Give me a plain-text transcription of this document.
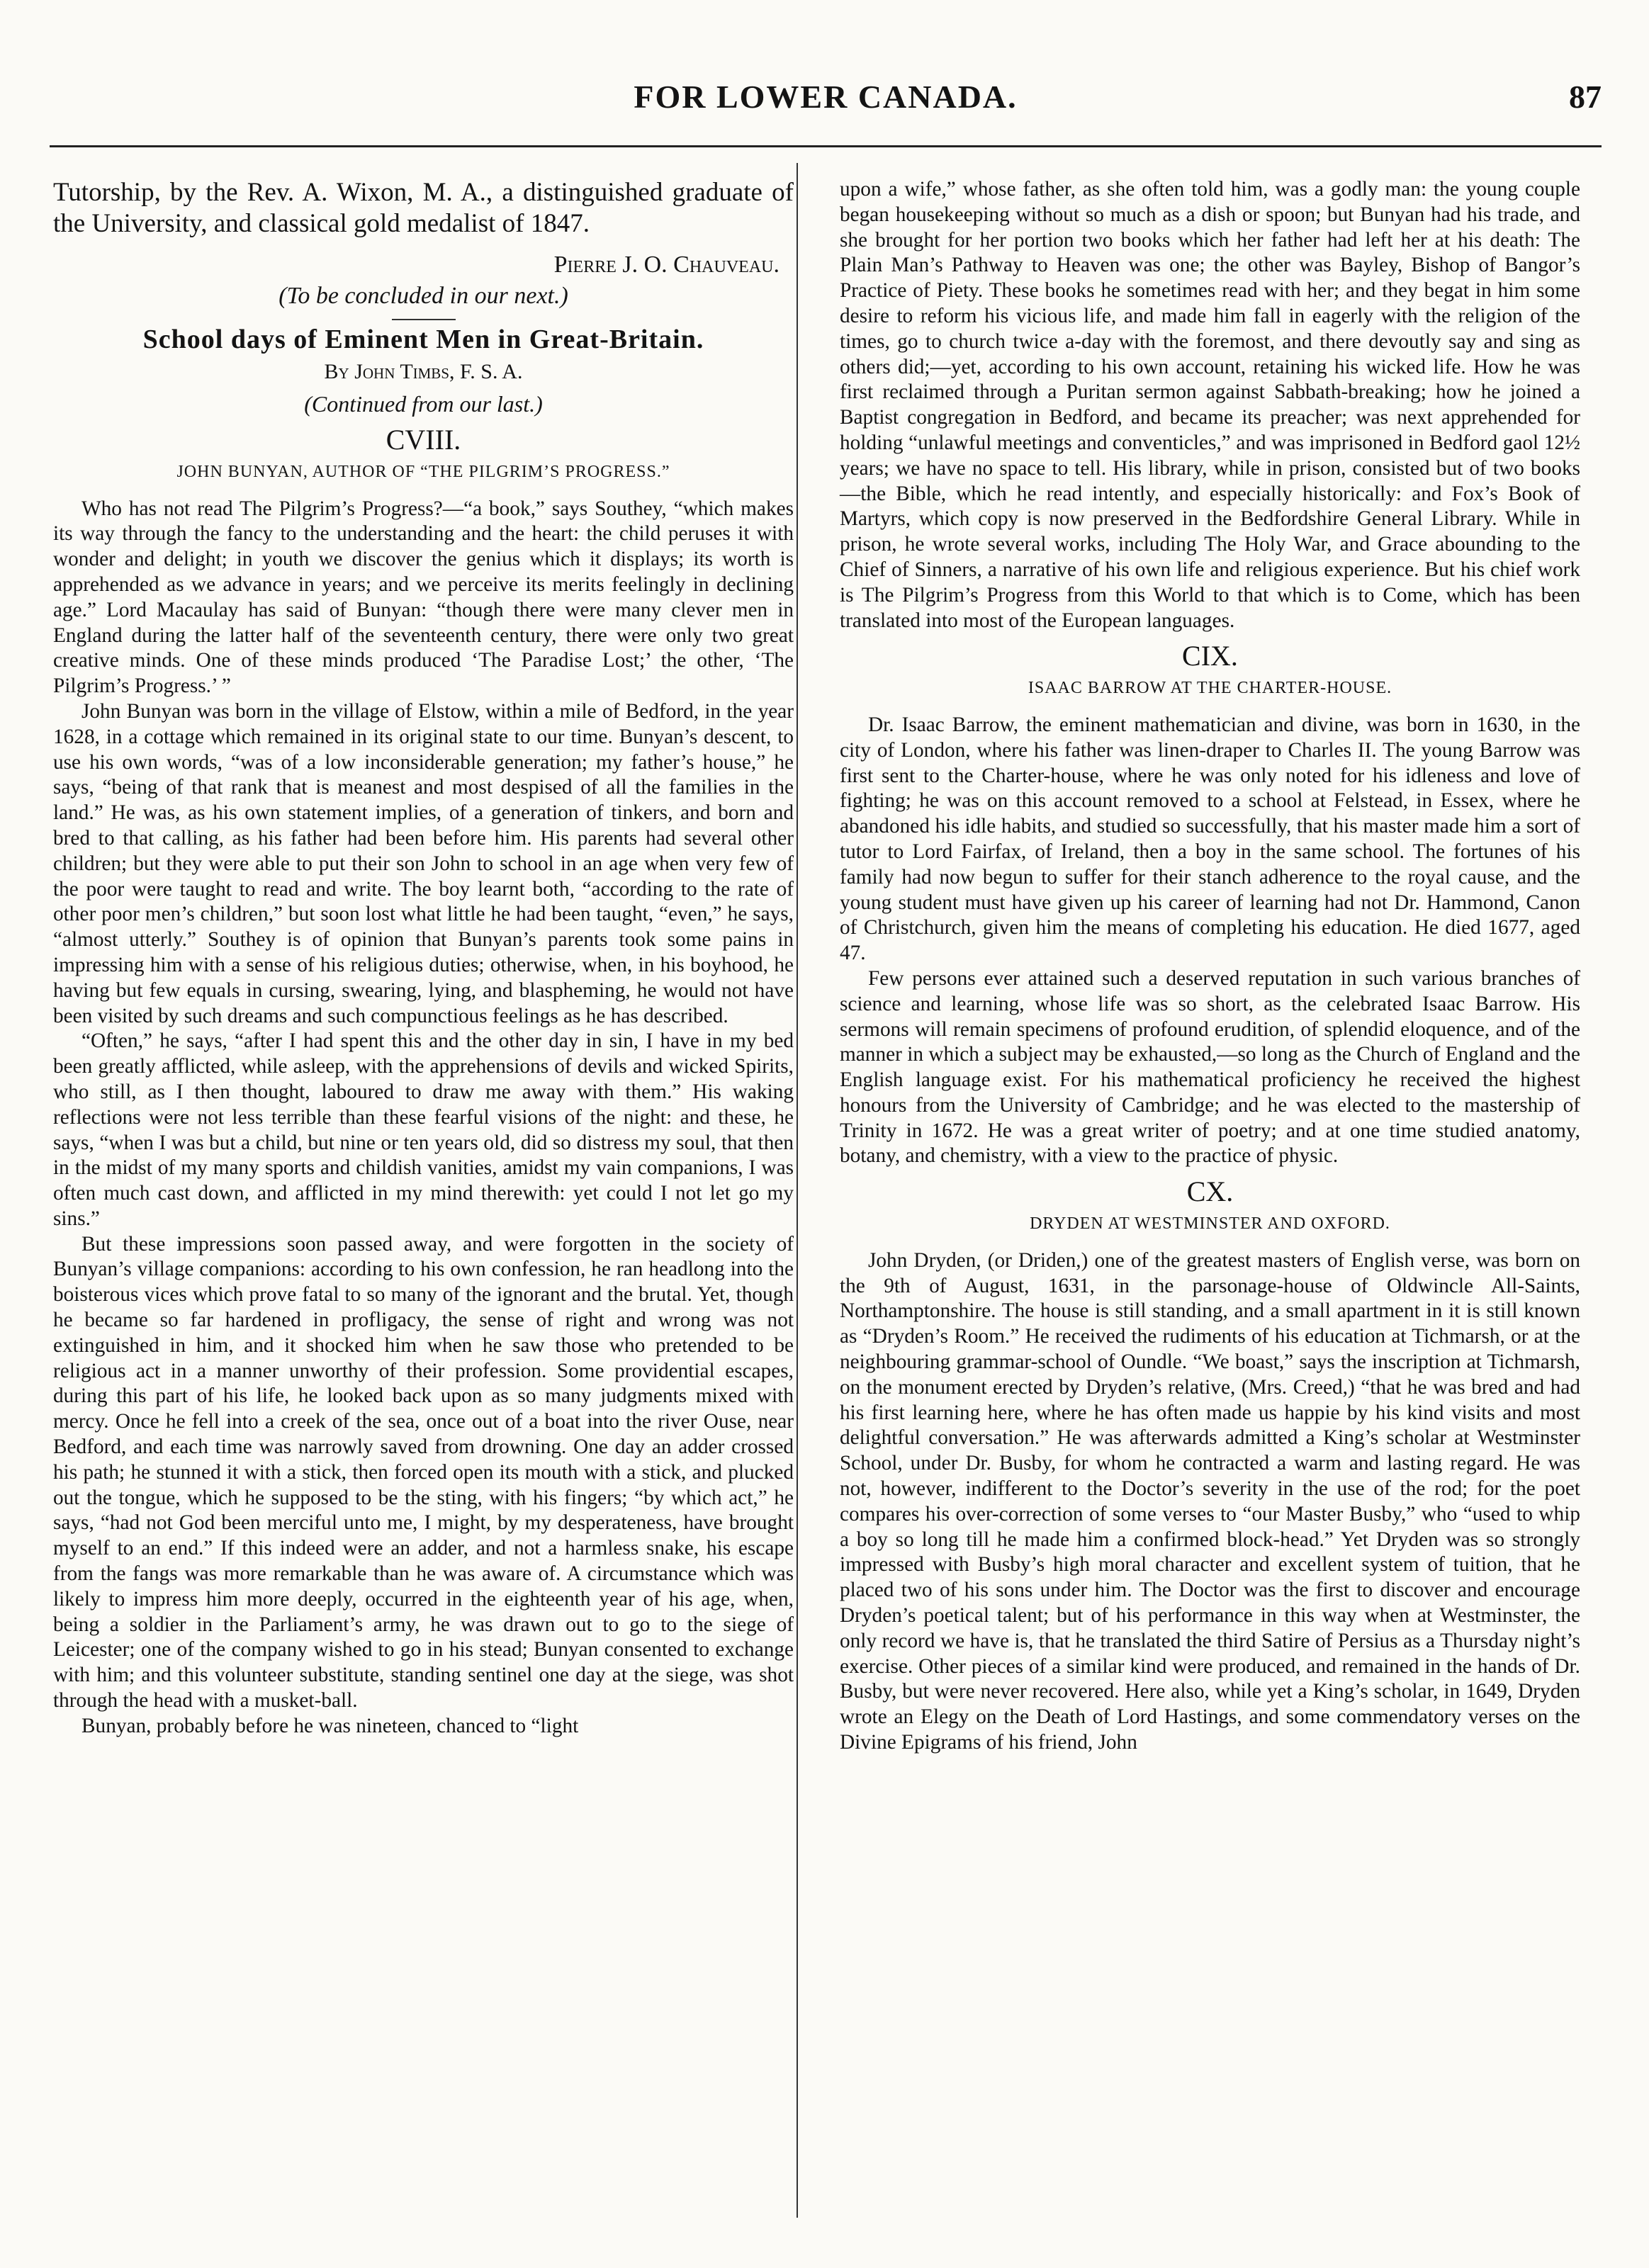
FOR LOWER CANADA.	87

Tutorship, by the Rev. A. Wixon, M. A., a distinguished graduate of the University, and classical gold medalist of 1847.

Pierre J. O. Chauveau.
(To be concluded in our next.)
School days of Eminent Men in Great-Britain.
By John Timbs, F. S. A.
(Continued from our last.)
CVIII.
JOHN BUNYAN, AUTHOR OF “THE PILGRIM’S PROGRESS.”

Who has not read The Pilgrim’s Progress?—“a book,” says Southey, “which makes its way through the fancy to the understanding and the heart: the child peruses it with wonder and delight; in youth we discover the genius which it displays; its worth is apprehended as we advance in years; and we perceive its merits feelingly in declining age.” Lord Macaulay has said of Bunyan: “though there were many clever men in England during the latter half of the seventeenth century, there were only two great creative minds. One of these minds produced ‘The Paradise Lost;’ the other, ‘The Pilgrim’s Progress.’ ”

John Bunyan was born in the village of Elstow, within a mile of Bedford, in the year 1628, in a cottage which remained in its original state to our time. Bunyan’s descent, to use his own words, “was of a low inconsiderable generation; my father’s house,” he says, “being of that rank that is meanest and most despised of all the families in the land.” He was, as his own statement implies, of a generation of tinkers, and born and bred to that calling, as his father had been before him. His parents had several other children; but they were able to put their son John to school in an age when very few of the poor were taught to read and write. The boy learnt both, “according to the rate of other poor men’s children,” but soon lost what little he had been taught, “even,” he says, “almost utterly.” Southey is of opinion that Bunyan’s parents took some pains in impressing him with a sense of his religious duties; otherwise, when, in his boyhood, he having but few equals in cursing, swearing, lying, and blaspheming, he would not have been visited by such dreams and such compunctious feelings as he has described.

“Often,” he says, “after I had spent this and the other day in sin, I have in my bed been greatly afflicted, while asleep, with the apprehensions of devils and wicked Spirits, who still, as I then thought, laboured to draw me away with them.” His waking reflections were not less terrible than these fearful visions of the night: and these, he says, “when I was but a child, but nine or ten years old, did so distress my soul, that then in the midst of my many sports and childish vanities, amidst my vain companions, I was often much cast down, and afflicted in my mind therewith: yet could I not let go my sins.”

But these impressions soon passed away, and were forgotten in the society of Bunyan’s village companions: according to his own confession, he ran headlong into the boisterous vices which prove fatal to so many of the ignorant and the brutal. Yet, though he became so far hardened in profligacy, the sense of right and wrong was not extinguished in him, and it shocked him when he saw those who pretended to be religious act in a manner unworthy of their profession. Some providential escapes, during this part of his life, he looked back upon as so many judgments mixed with mercy. Once he fell into a creek of the sea, once out of a boat into the river Ouse, near Bedford, and each time was narrowly saved from drowning. One day an adder crossed his path; he stunned it with a stick, then forced open its mouth with a stick, and plucked out the tongue, which he supposed to be the sting, with his fingers; “by which act,” he says, “had not God been merciful unto me, I might, by my desperateness, have brought myself to an end.” If this indeed were an adder, and not a harmless snake, his escape from the fangs was more remarkable than he was aware of. A circumstance which was likely to impress him more deeply, occurred in the eighteenth year of his age, when, being a soldier in the Parliament’s army, he was drawn out to go to the siege of Leicester; one of the company wished to go in his stead; Bunyan consented to exchange with him; and this volunteer substitute, standing sentinel one day at the siege, was shot through the head with a musket-ball.

Bunyan, probably before he was nineteen, chanced to “light

upon a wife,” whose father, as she often told him, was a godly man: the young couple began housekeeping without so much as a dish or spoon; but Bunyan had his trade, and she brought for her portion two books which her father had left her at his death: The Plain Man’s Pathway to Heaven was one; the other was Bayley, Bishop of Bangor’s Practice of Piety. These books he sometimes read with her; and they begat in him some desire to reform his vicious life, and made him fall in eagerly with the religion of the times, go to church twice a-day with the foremost, and there devoutly say and sing as others did;—yet, according to his own account, retaining his wicked life. How he was first reclaimed through a Puritan sermon against Sabbath-breaking; how he joined a Baptist congregation in Bedford, and became its preacher; was next apprehended for holding “unlawful meetings and conventicles,” and was imprisoned in Bedford gaol 12½ years; we have no space to tell. His library, while in prison, consisted but of two books—the Bible, which he read intently, and especially historically: and Fox’s Book of Martyrs, which copy is now preserved in the Bedfordshire General Library. While in prison, he wrote several works, including The Holy War, and Grace abounding to the Chief of Sinners, a narrative of his own life and religious experience. But his chief work is The Pilgrim’s Progress from this World to that which is to Come, which has been translated into most of the European languages.

CIX.
ISAAC BARROW AT THE CHARTER-HOUSE.

Dr. Isaac Barrow, the eminent mathematician and divine, was born in 1630, in the city of London, where his father was linen-draper to Charles II. The young Barrow was first sent to the Charter-house, where he was only noted for his idleness and love of fighting; he was on this account removed to a school at Felstead, in Essex, where he abandoned his idle habits, and studied so successfully, that his master made him a sort of tutor to Lord Fairfax, of Ireland, then a boy in the same school. The fortunes of his family had now begun to suffer for their stanch adherence to the royal cause, and the young student must have given up his career of learning had not Dr. Hammond, Canon of Christchurch, given him the means of completing his education. He died 1677, aged 47.

Few persons ever attained such a deserved reputation in such various branches of science and learning, whose life was so short, as the celebrated Isaac Barrow. His sermons will remain specimens of profound erudition, of splendid eloquence, and of the manner in which a subject may be exhausted,—so long as the Church of England and the English language exist. For his mathematical proficiency he received the highest honours from the University of Cambridge; and he was elected to the mastership of Trinity in 1672. He was a great writer of poetry; and at one time studied anatomy, botany, and chemistry, with a view to the practice of physic.

CX.
DRYDEN AT WESTMINSTER AND OXFORD.

John Dryden, (or Driden,) one of the greatest masters of English verse, was born on the 9th of August, 1631, in the parsonage-house of Oldwincle All-Saints, Northamptonshire. The house is still standing, and a small apartment in it is still known as “Dryden’s Room.” He received the rudiments of his education at Tichmarsh, or at the neighbouring grammar-school of Oundle. “We boast,” says the inscription at Tichmarsh, on the monument erected by Dryden’s relative, (Mrs. Creed,) “that he was bred and had his first learning here, where he has often made us happie by his kind visits and most delightful conversation.” He was afterwards admitted a King’s scholar at Westminster School, under Dr. Busby, for whom he contracted a warm and lasting regard. He was not, however, indifferent to the Doctor’s severity in the use of the rod; for the poet compares his over-correction of some verses to “our Master Busby,” who “used to whip a boy so long till he made him a confirmed block-head.” Yet Dryden was so strongly impressed with Busby’s high moral character and excellent system of tuition, that he placed two of his sons under him. The Doctor was the first to discover and encourage Dryden’s poetical talent; but of his performance in this way when at Westminster, the only record we have is, that he translated the third Satire of Persius as a Thursday night’s exercise. Other pieces of a similar kind were produced, and remained in the hands of Dr. Busby, but were never recovered. Here also, while yet a King’s scholar, in 1649, Dryden wrote an Elegy on the Death of Lord Hastings, and some commendatory verses on the Divine Epigrams of his friend, John
